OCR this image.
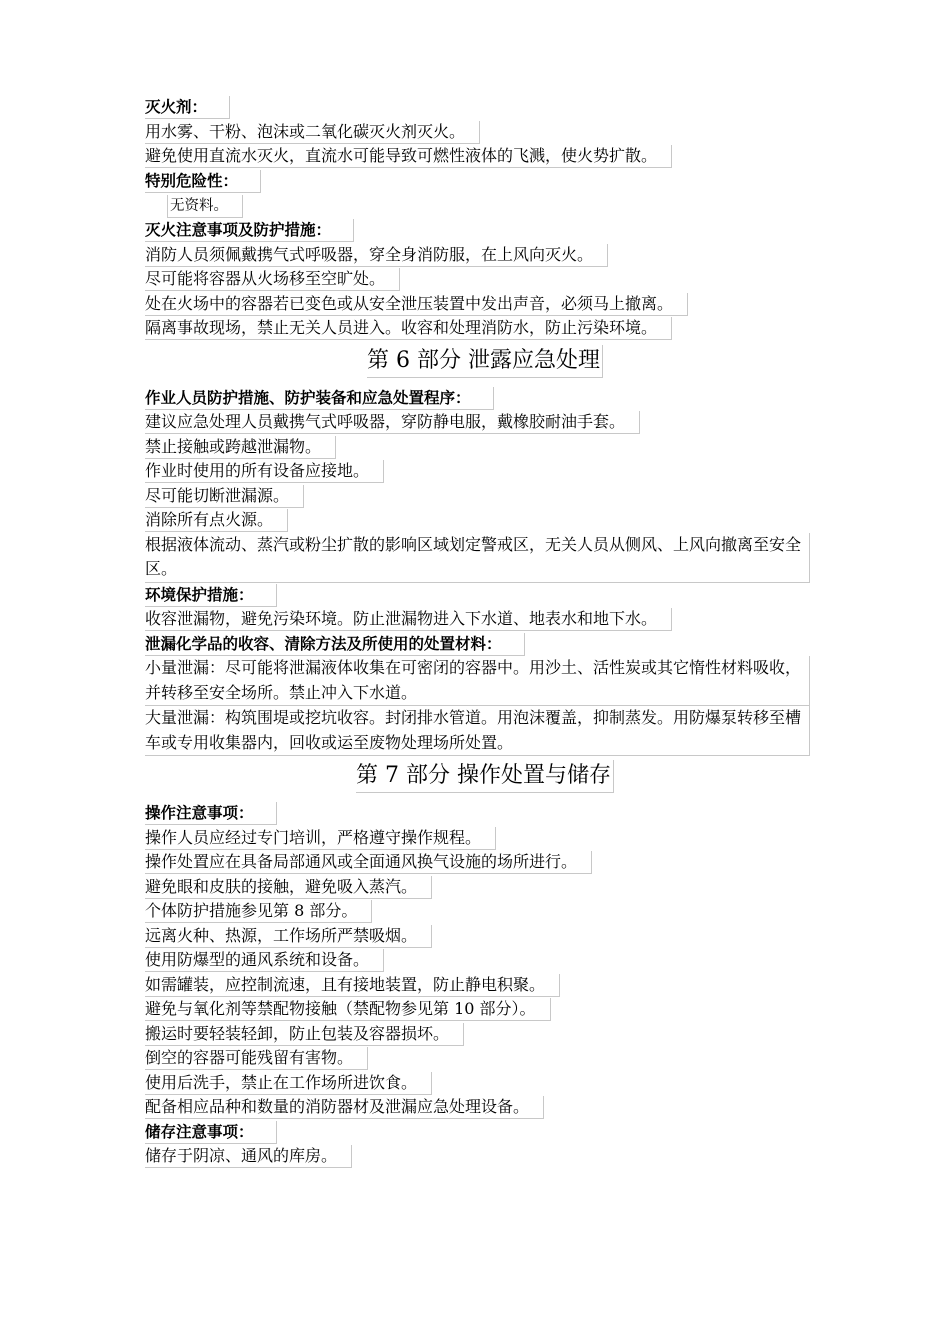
灭火剂：
用水雾、干粉、泡沫或二氧化碳灭火剂灭火。
避免使用直流水灭火，直流水可能导致可燃性液体的飞溅，使火势扩散。
特别危险性：
无资料。
灭火注意事项及防护措施：
消防人员须佩戴携气式呼吸器，穿全身消防服，在上风向灭火。
尽可能将容器从火场移至空旷处。
处在火场中的容器若已变色或从安全泄压装置中发出声音，必须马上撤离。
隔离事故现场，禁止无关人员进入。收容和处理消防水，防止污染环境。
第 6 部分 泄露应急处理
作业人员防护措施、防护装备和应急处置程序：
建议应急处理人员戴携气式呼吸器，穿防静电服，戴橡胶耐油手套。
禁止接触或跨越泄漏物。
作业时使用的所有设备应接地。
尽可能切断泄漏源。
消除所有点火源。
根据液体流动、蒸汽或粉尘扩散的影响区域划定警戒区，无关人员从侧风、上风向撤离至安全区。
环境保护措施：
收容泄漏物，避免污染环境。防止泄漏物进入下水道、地表水和地下水。
泄漏化学品的收容、清除方法及所使用的处置材料：
小量泄漏：尽可能将泄漏液体收集在可密闭的容器中。用沙土、活性炭或其它惰性材料吸收，并转移至安全场所。禁止冲入下水道。
大量泄漏：构筑围堤或挖坑收容。封闭排水管道。用泡沫覆盖，抑制蒸发。用防爆泵转移至槽车或专用收集器内，回收或运至废物处理场所处置。
第 7 部分 操作处置与储存
操作注意事项：
操作人员应经过专门培训，严格遵守操作规程。
操作处置应在具备局部通风或全面通风换气设施的场所进行。
避免眼和皮肤的接触，避免吸入蒸汽。
个体防护措施参见第 8 部分。
远离火种、热源，工作场所严禁吸烟。
使用防爆型的通风系统和设备。
如需罐装，应控制流速，且有接地装置，防止静电积聚。
避免与氧化剂等禁配物接触（禁配物参见第 10 部分）。
搬运时要轻装轻卸，防止包装及容器损坏。
倒空的容器可能残留有害物。
使用后洗手，禁止在工作场所进饮食。
配备相应品种和数量的消防器材及泄漏应急处理设备。
储存注意事项：
储存于阴凉、通风的库房。
